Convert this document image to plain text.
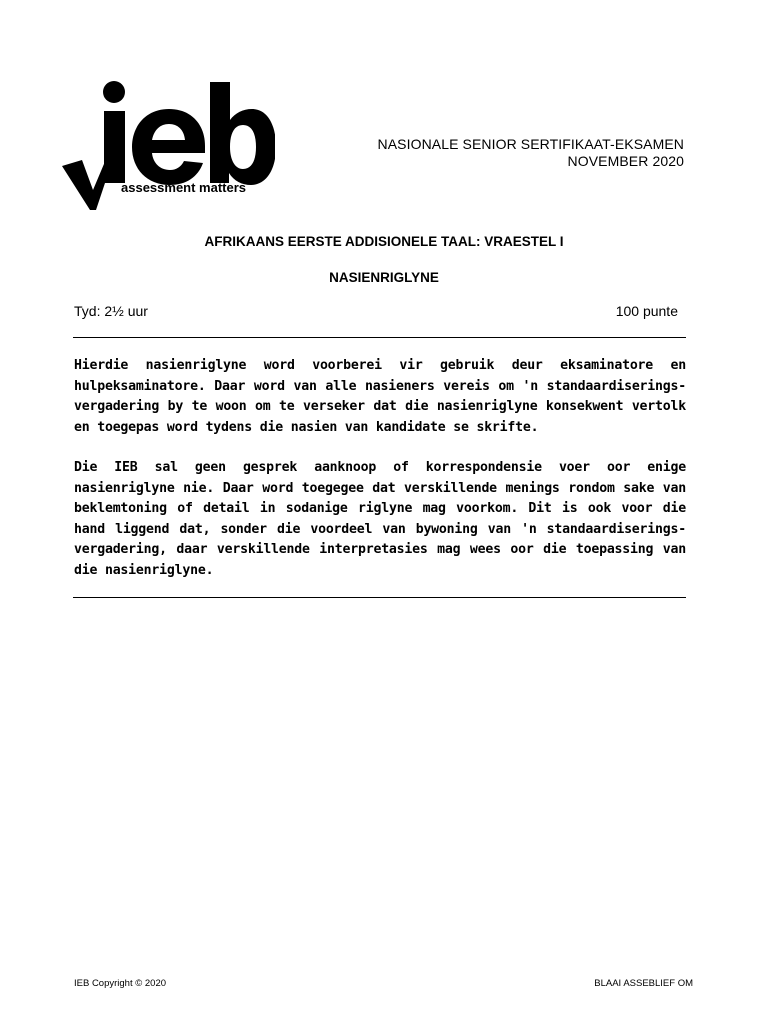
assessment matters
NASIONALE SENIOR SERTIFIKAAT-EKSAMEN
NOVEMBER 2020
AFRIKAANS EERSTE ADDISIONELE TAAL: VRAESTEL I
NASIENRIGLYNE
Tyd: 2½ uur	100 punte

Hierdie nasienriglyne word voorberei vir gebruik deur eksaminatore en hulpeksaminatore. Daar word van alle nasieners vereis om 'n standaardiserings-vergadering by te woon om te verseker dat die nasienriglyne konsekwent vertolk en toegepas word tydens die nasien van kandidate se skrifte.

Die IEB sal geen gesprek aanknoop of korrespondensie voer oor enige nasienriglyne nie. Daar word toegegee dat verskillende menings rondom sake van beklemtoning of detail in sodanige riglyne mag voorkom. Dit is ook voor die hand liggend dat, sonder die voordeel van bywoning van 'n standaardiserings-vergadering, daar verskillende interpretasies mag wees oor die toepassing van die nasienriglyne.

IEB Copyright © 2020	BLAAI ASSEBLIEF OM
